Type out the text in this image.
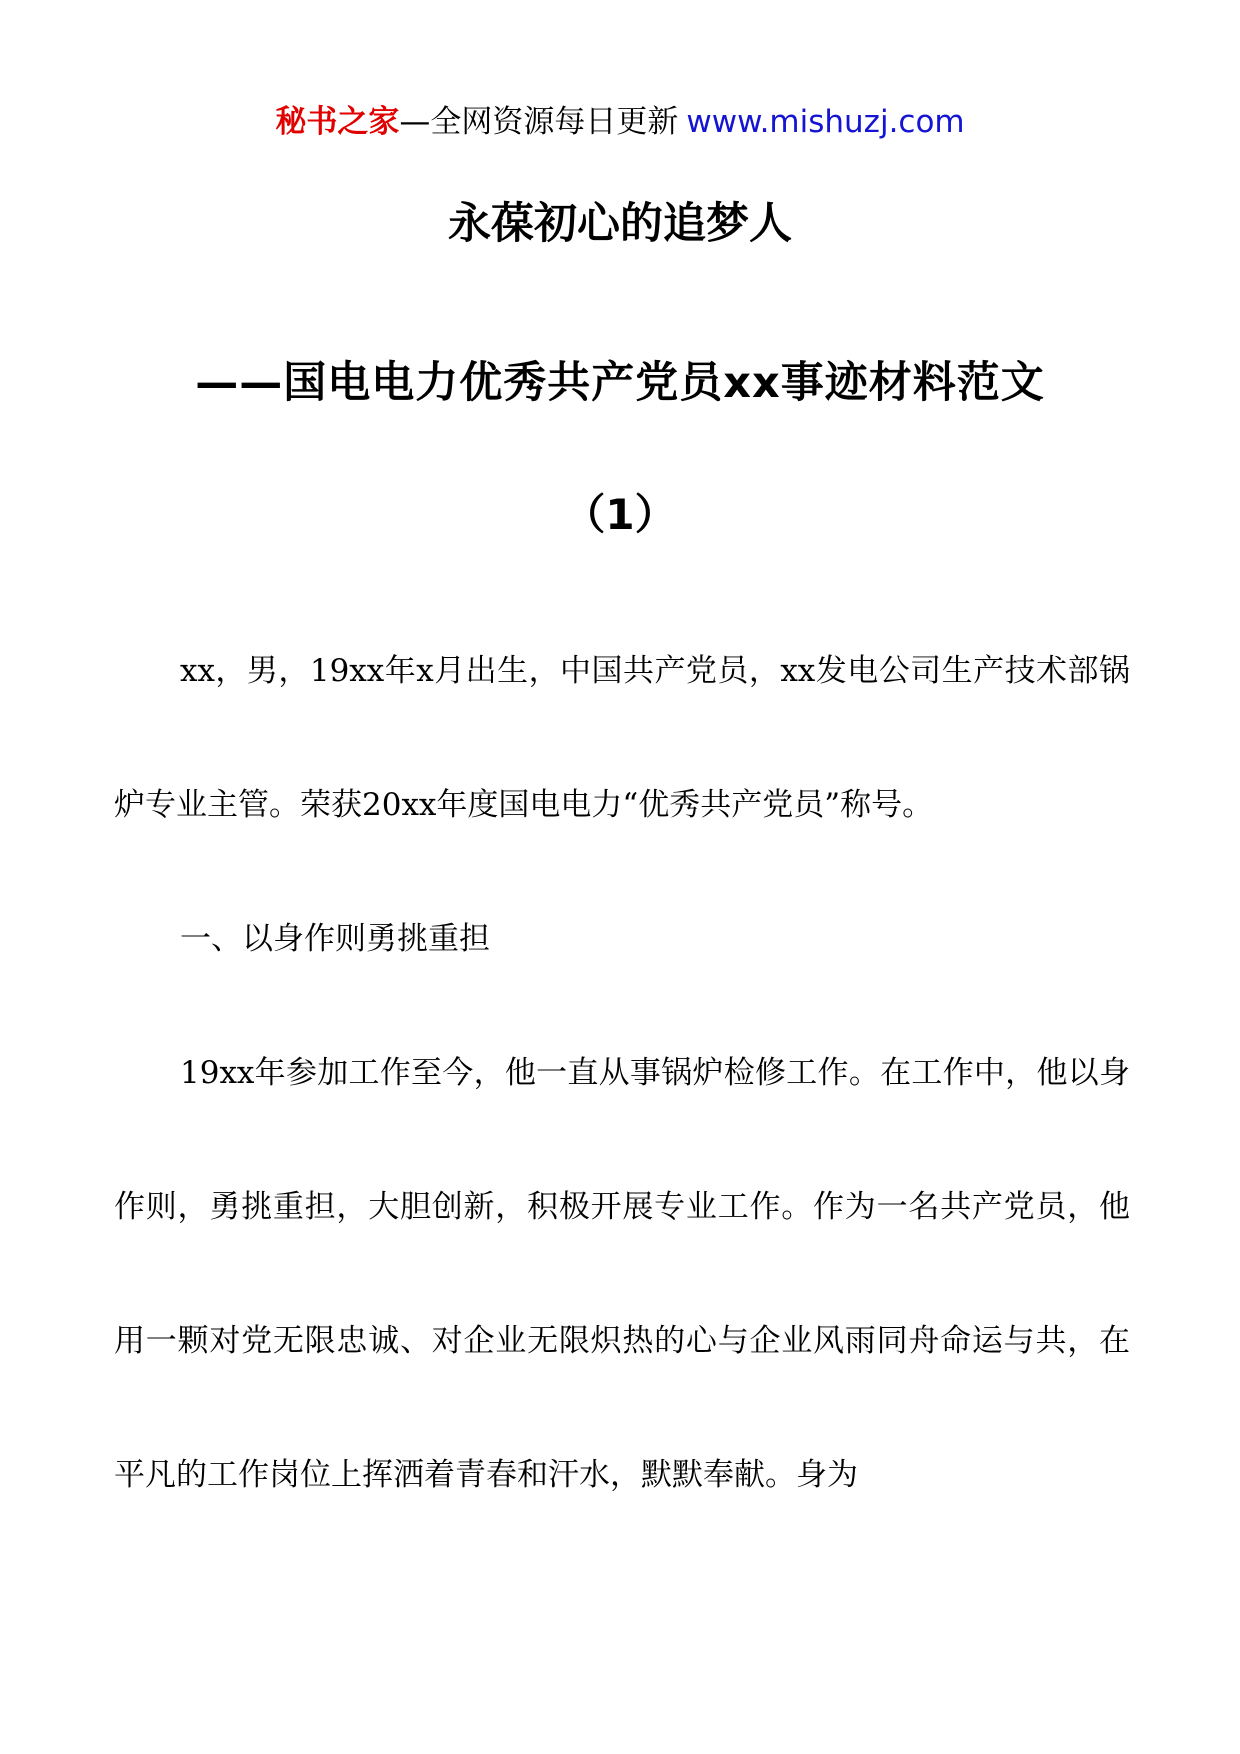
秘书之家—全网资源每日更新 www.mishuzj.com
永葆初心的追梦人
——国电电力优秀共产党员xx事迹材料范文
（1）

xx，男，19xx年x月出生，中国共产党员，xx发电公司生产技术部锅炉专业主管。荣获20xx年度国电电力“优秀共产党员”称号。

一、以身作则勇挑重担

19xx年参加工作至今，他一直从事锅炉检修工作。在工作中，他以身作则，勇挑重担，大胆创新，积极开展专业工作。作为一名共产党员，他用一颗对党无限忠诚、对企业无限炽热的心与企业风雨同舟命运与共，在平凡的工作岗位上挥洒着青春和汗水，默默奉献。身为
